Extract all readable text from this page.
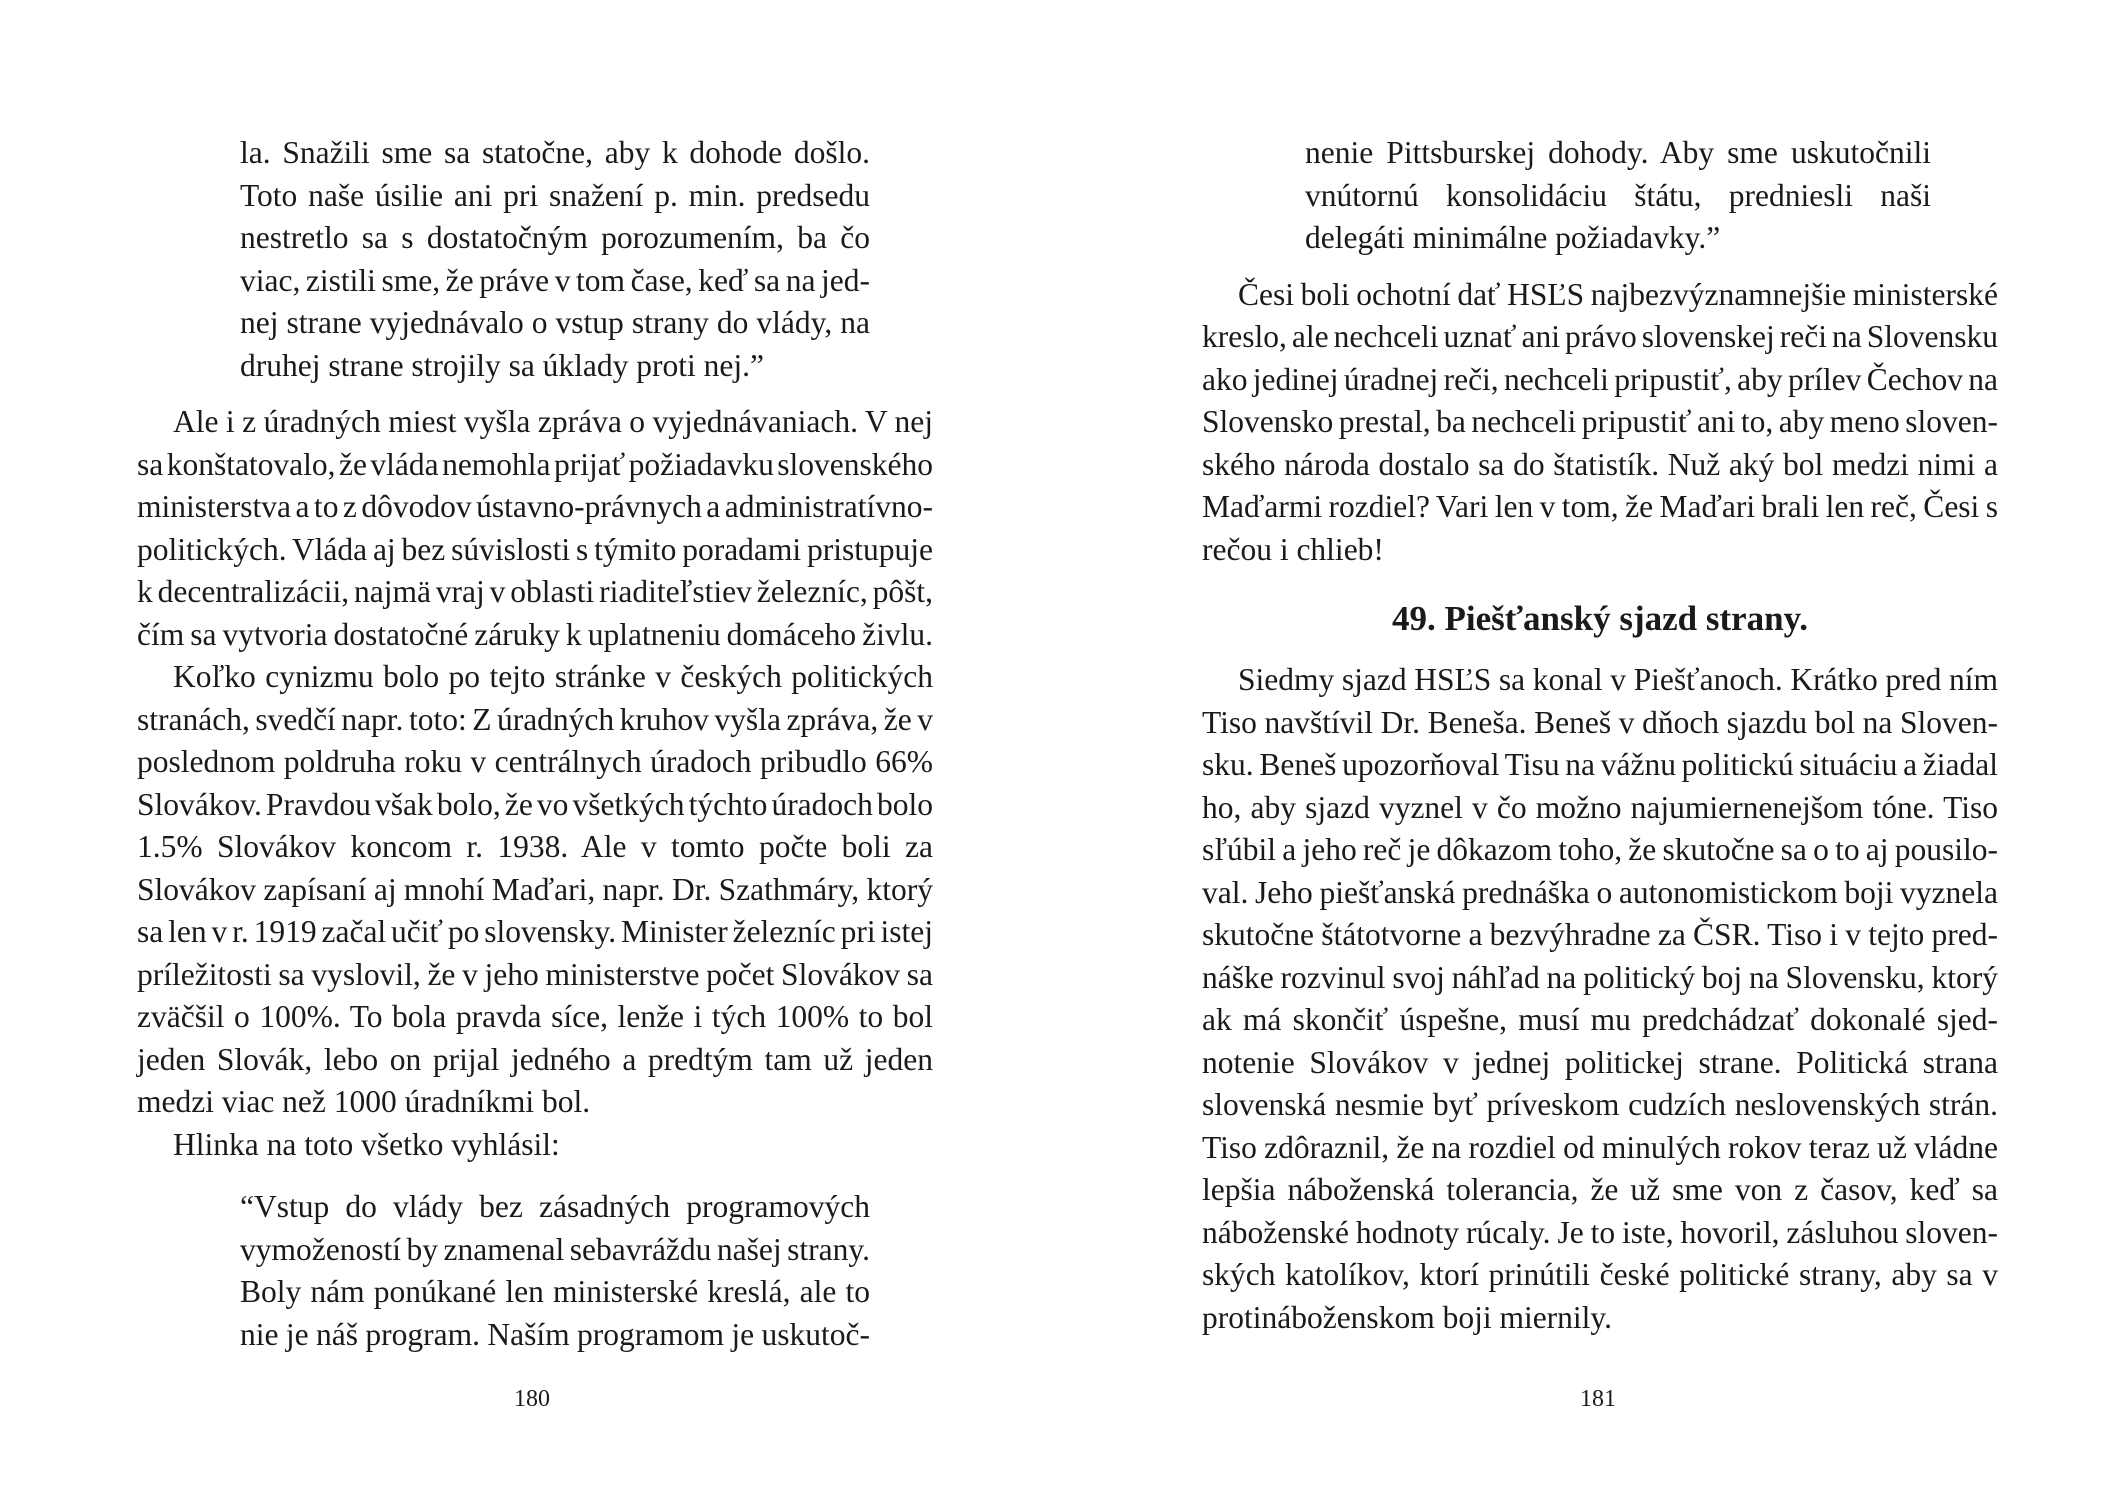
la. Snažili sme sa statočne, aby k dohode došlo.
Toto naše úsilie ani pri snažení p. min. predsedu
nestretlo sa s dostatočným porozumením, ba čo
viac, zistili sme, že práve v tom čase, keď sa na jed-
nej strane vyjednávalo o vstup strany do vlády, na
druhej strane strojily sa úklady proti nej.”

Ale i z úradných miest vyšla zpráva o vyjednávaniach. V nej
sa konštatovalo, že vláda nemohla prijať požiadavku slovenského
ministerstva a to z dôvodov ústavno-právnych a administratívno-
politických. Vláda aj bez súvislosti s týmito poradami pristupuje
k decentralizácii, najmä vraj v oblasti riaditeľstiev železníc, pôšt,
čím sa vytvoria dostatočné záruky k uplatneniu domáceho živlu.

Koľko cynizmu bolo po tejto stránke v českých politických
stranách, svedčí napr. toto: Z úradných kruhov vyšla zpráva, že v
poslednom poldruha roku v centrálnych úradoch pribudlo 66%
Slovákov. Pravdou však bolo, že vo všetkých týchto úradoch bolo
1.5% Slovákov koncom r. 1938. Ale v tomto počte boli za
Slovákov zapísaní aj mnohí Maďari, napr. Dr. Szathmáry, ktorý
sa len v r. 1919 začal učiť po slovensky. Minister železníc pri istej
príležitosti sa vyslovil, že v jeho ministerstve počet Slovákov sa
zväčšil o 100%. To bola pravda síce, lenže i tých 100% to bol
jeden Slovák, lebo on prijal jedného a predtým tam už jeden
medzi viac než 1000 úradníkmi bol.

Hlinka na toto všetko vyhlásil:

“Vstup do vlády bez zásadných programových
vymožeností by znamenal sebavráždu našej strany.
Boly nám ponúkané len ministerské kreslá, ale to
nie je náš program. Naším programom je uskutoč-

180

nenie Pittsburskej dohody. Aby sme uskutočnili
vnútornú konsolidáciu štátu, predniesli naši
delegáti minimálne požiadavky.”

Česi boli ochotní dať HSĽS najbezvýznamnejšie ministerské
kreslo, ale nechceli uznať ani právo slovenskej reči na Slovensku
ako jedinej úradnej reči, nechceli pripustiť, aby prílev Čechov na
Slovensko prestal, ba nechceli pripustiť ani to, aby meno sloven-
ského národa dostalo sa do štatistík. Nuž aký bol medzi nimi a
Maďarmi rozdiel? Vari len v tom, že Maďari brali len reč, Česi s
rečou i chlieb!

49. Piešťanský sjazd strany.

Siedmy sjazd HSĽS sa konal v Piešťanoch. Krátko pred ním
Tiso navštívil Dr. Beneša. Beneš v dňoch sjazdu bol na Sloven-
sku. Beneš upozorňoval Tisu na vážnu politickú situáciu a žiadal
ho, aby sjazd vyznel v čo možno najumiernenejšom tóne. Tiso
sľúbil a jeho reč je dôkazom toho, že skutočne sa o to aj pousilo-
val. Jeho piešťanská prednáška o autonomistickom boji vyznela
skutočne štátotvorne a bezvýhradne za ČSR. Tiso i v tejto pred-
náške rozvinul svoj náhľad na politický boj na Slovensku, ktorý
ak má skončiť úspešne, musí mu predchádzať dokonalé sjed-
notenie Slovákov v jednej politickej strane. Politická strana
slovenská nesmie byť príveskom cudzích neslovenských strán.
Tiso zdôraznil, že na rozdiel od minulých rokov teraz už vládne
lepšia náboženská tolerancia, že už sme von z časov, keď sa
náboženské hodnoty rúcaly. Je to iste, hovoril, zásluhou sloven-
ských katolíkov, ktorí prinútili české politické strany, aby sa v
protináboženskom boji miernily.

181
